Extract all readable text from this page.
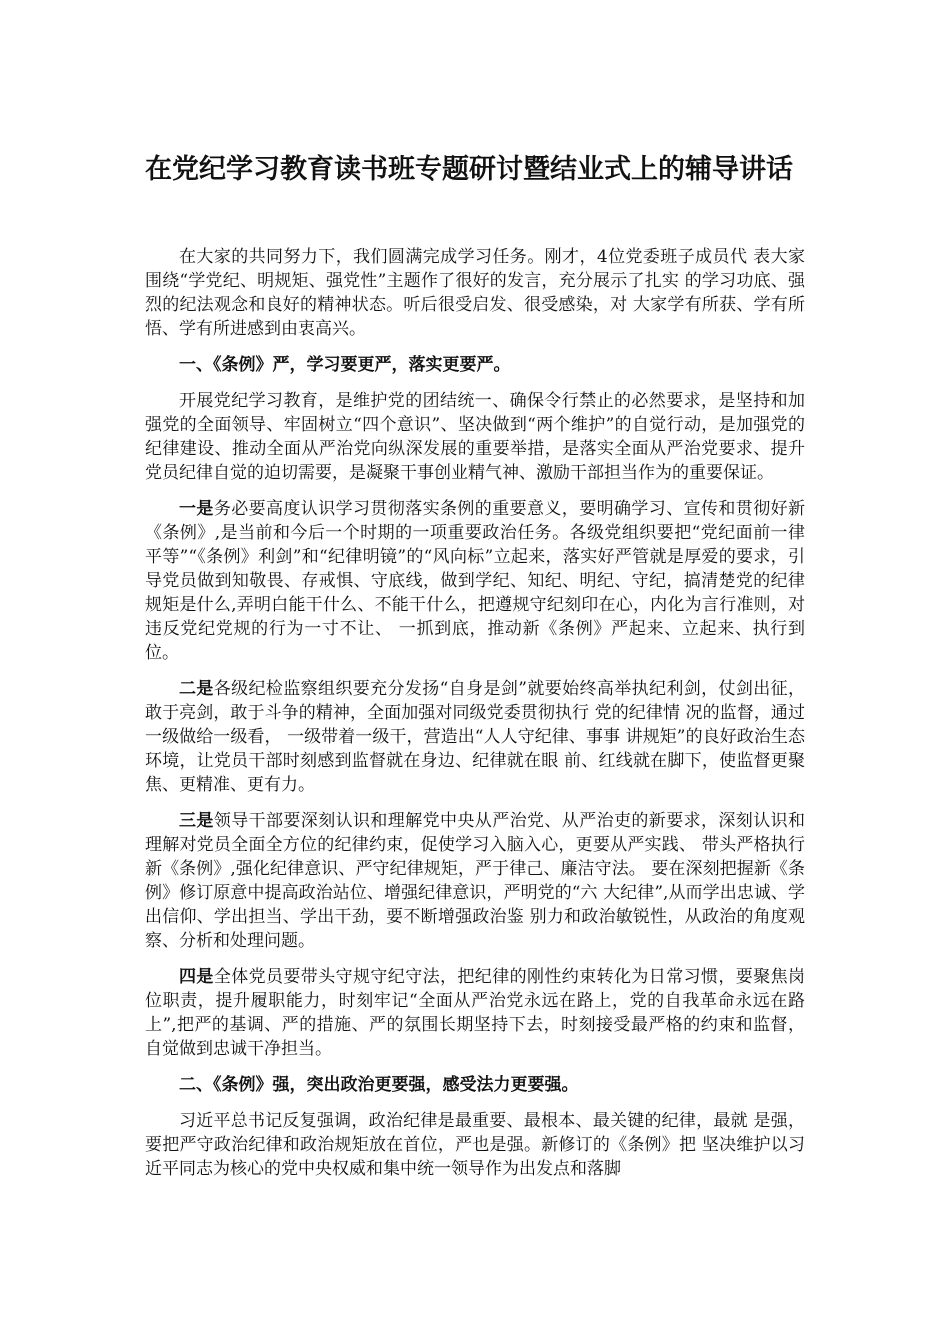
在党纪学习教育读书班专题研讨暨结业式上的辅导讲话

在大家的共同努力下，我们圆满完成学习任务。刚才，4位党委班子成员代 表大家围绕“学党纪、明规矩、强党性”主题作了很好的发言，充分展示了扎实 的学习功底、强烈的纪法观念和良好的精神状态。听后很受启发、很受感染，对 大家学有所获、学有所悟、学有所进感到由衷高兴。

一、《条例》严，学习要更严，落实更要严。

开展党纪学习教育，是维护党的团结统一、确保令行禁止的必然要求，是坚持和加强党的全面领导、牢固树立“四个意识”、坚决做到“两个维护”的自觉行动，是加强党的纪律建设、推动全面从严治党向纵深发展的重要举措，是落实全面从严治党要求、提升党员纪律自觉的迫切需要，是凝聚干事创业精气神、激励干部担当作为的重要保证。

一是务必要高度认识学习贯彻落实条例的重要意义，要明确学习、宣传和贯彻好新《条例》,是当前和今后一个时期的一项重要政治任务。各级党组织要把“党纪面前一律平等”“《条例》利剑”和“纪律明镜”的“风向标”立起来，落实好严管就是厚爱的要求，引导党员做到知敬畏、存戒惧、守底线，做到学纪、知纪、明纪、守纪，搞清楚党的纪律规矩是什么,弄明白能干什么、不能干什么，把遵规守纪刻印在心，内化为言行准则，对违反党纪党规的行为一寸不让、 一抓到底，推动新《条例》严起来、立起来、执行到位。

二是各级纪检监察组织要充分发扬“自身是剑”就要始终高举执纪利剑，仗剑出征，敢于亮剑，敢于斗争的精神，全面加强对同级党委贯彻执行 党的纪律情 况的监督，通过一级做给一级看， 一级带着一级干，营造出“人人守纪律、事事 讲规矩”的良好政治生态环境，让党员干部时刻感到监督就在身边、纪律就在眼 前、红线就在脚下，使监督更聚焦、更精准、更有力。

三是领导干部要深刻认识和理解党中央从严治党、从严治吏的新要求，深刻认识和理解对党员全面全方位的纪律约束，促使学习入脑入心，更要从严实践、 带头严格执行新《条例》,强化纪律意识、严守纪律规矩，严于律己、廉洁守法。 要在深刻把握新《条例》修订原意中提高政治站位、增强纪律意识，严明党的“六 大纪律”,从而学出忠诚、学出信仰、学出担当、学出干劲，要不断增强政治鉴 别力和政治敏锐性，从政治的角度观察、分析和处理问题。

四是全体党员要带头守规守纪守法，把纪律的刚性约束转化为日常习惯，要聚焦岗位职责，提升履职能力，时刻牢记“全面从严治党永远在路上，党的自我革命永远在路上”,把严的基调、严的措施、严的氛围长期坚持下去，时刻接受最严格的约束和监督， 自觉做到忠诚干净担当。

二、《条例》强，突出政治更要强，感受法力更要强。

习近平总书记反复强调，政治纪律是最重要、最根本、最关键的纪律，最就 是强，要把严守政治纪律和政治规矩放在首位，严也是强。新修订的《条例》把 坚决维护以习近平同志为核心的党中央权威和集中统一领导作为出发点和落脚
